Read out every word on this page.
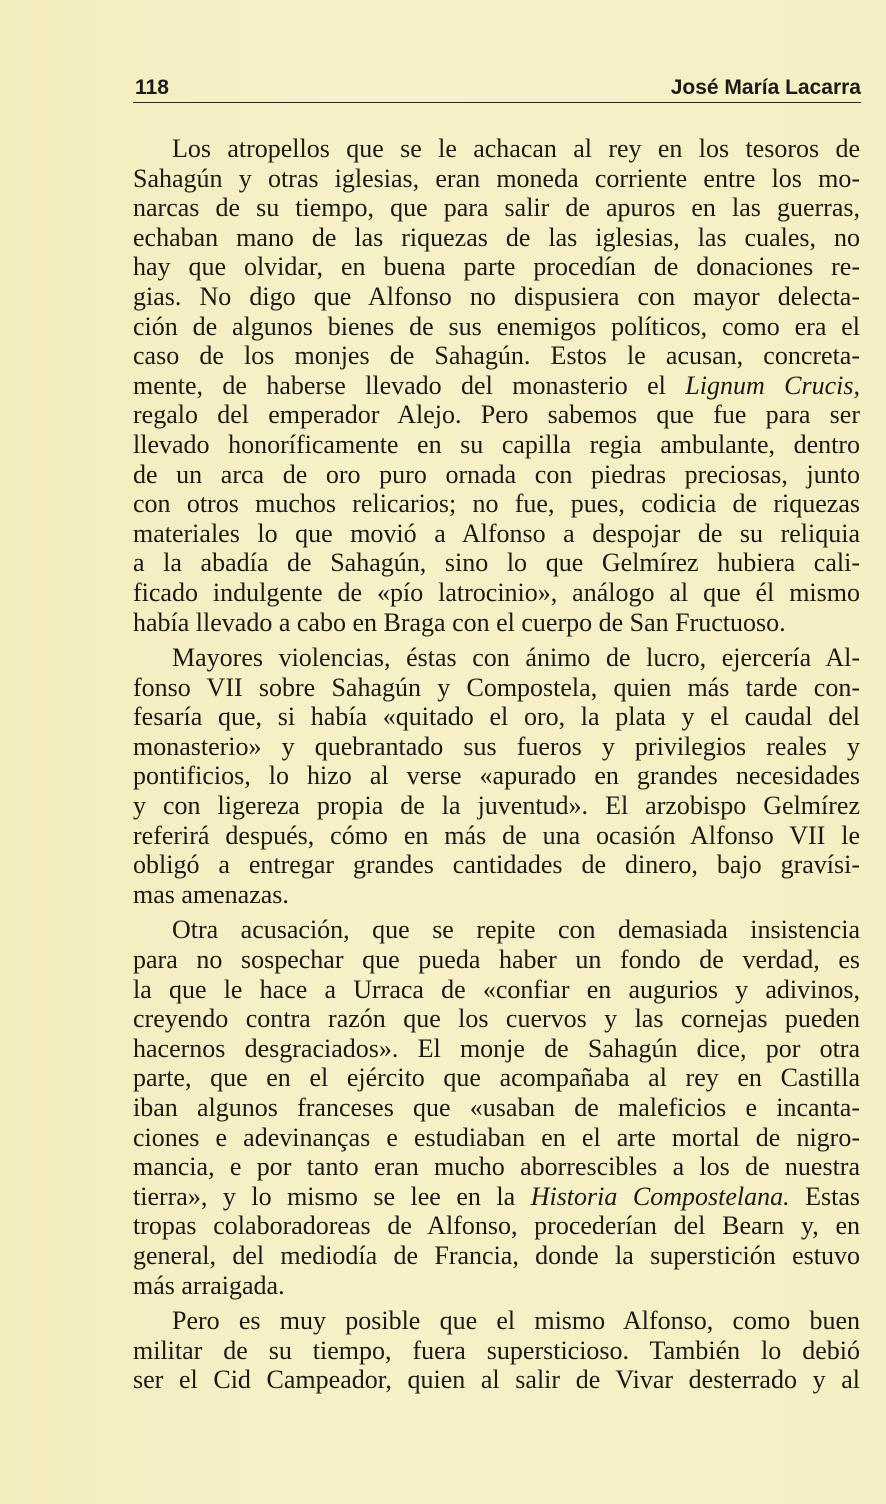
118	José María Lacarra

Los atropellos que se le achacan al rey en los tesoros de
Sahagún y otras iglesias, eran moneda corriente entre los mo-
narcas de su tiempo, que para salir de apuros en las guerras,
echaban mano de las riquezas de las iglesias, las cuales, no
hay que olvidar, en buena parte procedían de donaciones re-
gias. No digo que Alfonso no dispusiera con mayor delecta-
ción de algunos bienes de sus enemigos políticos, como era el
caso de los monjes de Sahagún. Estos le acusan, concreta-
mente, de haberse llevado del monasterio el Lignum Crucis,
regalo del emperador Alejo. Pero sabemos que fue para ser
llevado honoríficamente en su capilla regia ambulante, dentro
de un arca de oro puro ornada con piedras preciosas, junto
con otros muchos relicarios; no fue, pues, codicia de riquezas
materiales lo que movió a Alfonso a despojar de su reliquia
a la abadía de Sahagún, sino lo que Gelmírez hubiera cali-
ficado indulgente de «pío latrocinio», análogo al que él mismo
había llevado a cabo en Braga con el cuerpo de San Fructuoso.

Mayores violencias, éstas con ánimo de lucro, ejercería Al-
fonso VII sobre Sahagún y Compostela, quien más tarde con-
fesaría que, si había «quitado el oro, la plata y el caudal del
monasterio» y quebrantado sus fueros y privilegios reales y
pontificios, lo hizo al verse «apurado en grandes necesidades
y con ligereza propia de la juventud». El arzobispo Gelmírez
referirá después, cómo en más de una ocasión Alfonso VII le
obligó a entregar grandes cantidades de dinero, bajo gravísi-
mas amenazas.

Otra acusación, que se repite con demasiada insistencia
para no sospechar que pueda haber un fondo de verdad, es
la que le hace a Urraca de «confiar en augurios y adivinos,
creyendo contra razón que los cuervos y las cornejas pueden
hacernos desgraciados». El monje de Sahagún dice, por otra
parte, que en el ejército que acompañaba al rey en Castilla
iban algunos franceses que «usaban de maleficios e incanta-
ciones e adevinanças e estudiaban en el arte mortal de nigro-
mancia, e por tanto eran mucho aborrescibles a los de nuestra
tierra», y lo mismo se lee en la Historia Compostelana. Estas
tropas colaboradoreas de Alfonso, procederían del Bearn y, en
general, del mediodía de Francia, donde la superstición estuvo
más arraigada.

Pero es muy posible que el mismo Alfonso, como buen
militar de su tiempo, fuera supersticioso. También lo debió
ser el Cid Campeador, quien al salir de Vivar desterrado y al
